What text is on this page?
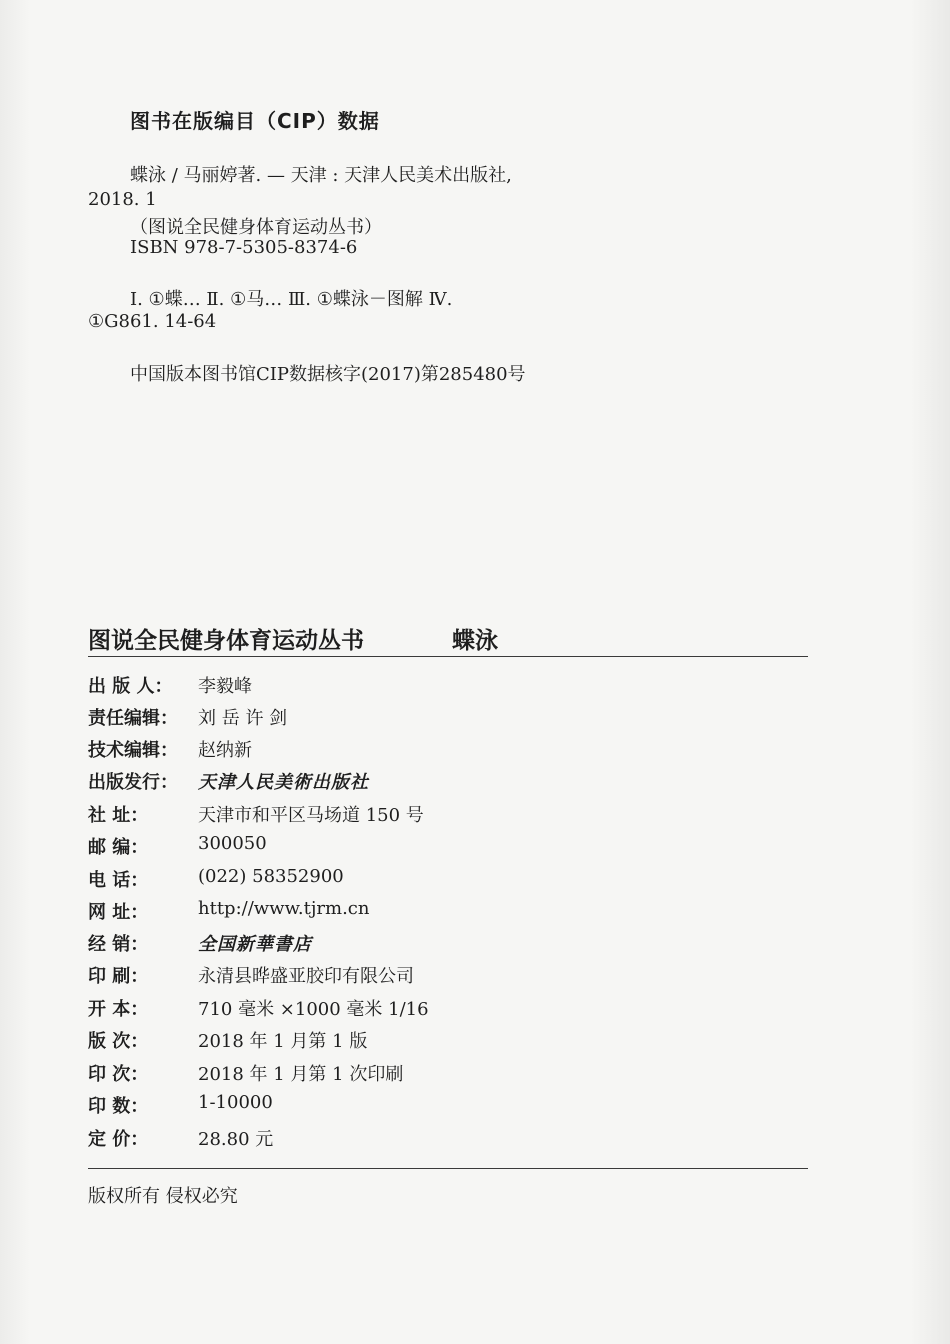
图书在版编目（CIP）数据
蝶泳 / 马丽婷著. — 天津 : 天津人民美术出版社,
2018. 1
（图说全民健身体育运动丛书）
ISBN 978-7-5305-8374-6
Ⅰ. ①蝶… Ⅱ. ①马… Ⅲ. ①蝶泳－图解 Ⅳ.
①G861. 14-64
中国版本图书馆CIP数据核字(2017)第285480号
图说全民健身体育运动丛书	蝶泳
出 版 人：	李毅峰
责任编辑：	刘 岳 许 剑
技术编辑：	赵纳新
出版发行：	天津人民美術出版社
社 址：	天津市和平区马场道 150 号
邮 编：	300050
电 话：	(022) 58352900
网 址：	http://www.tjrm.cn
经 销：	全国新華書店
印 刷：	永清县晔盛亚胶印有限公司
开 本：	710 毫米 ×1000 毫米 1/16
版 次：	2018 年 1 月第 1 版
印 次：	2018 年 1 月第 1 次印刷
印 数：	1-10000
定 价：	28.80 元
版权所有 侵权必究
